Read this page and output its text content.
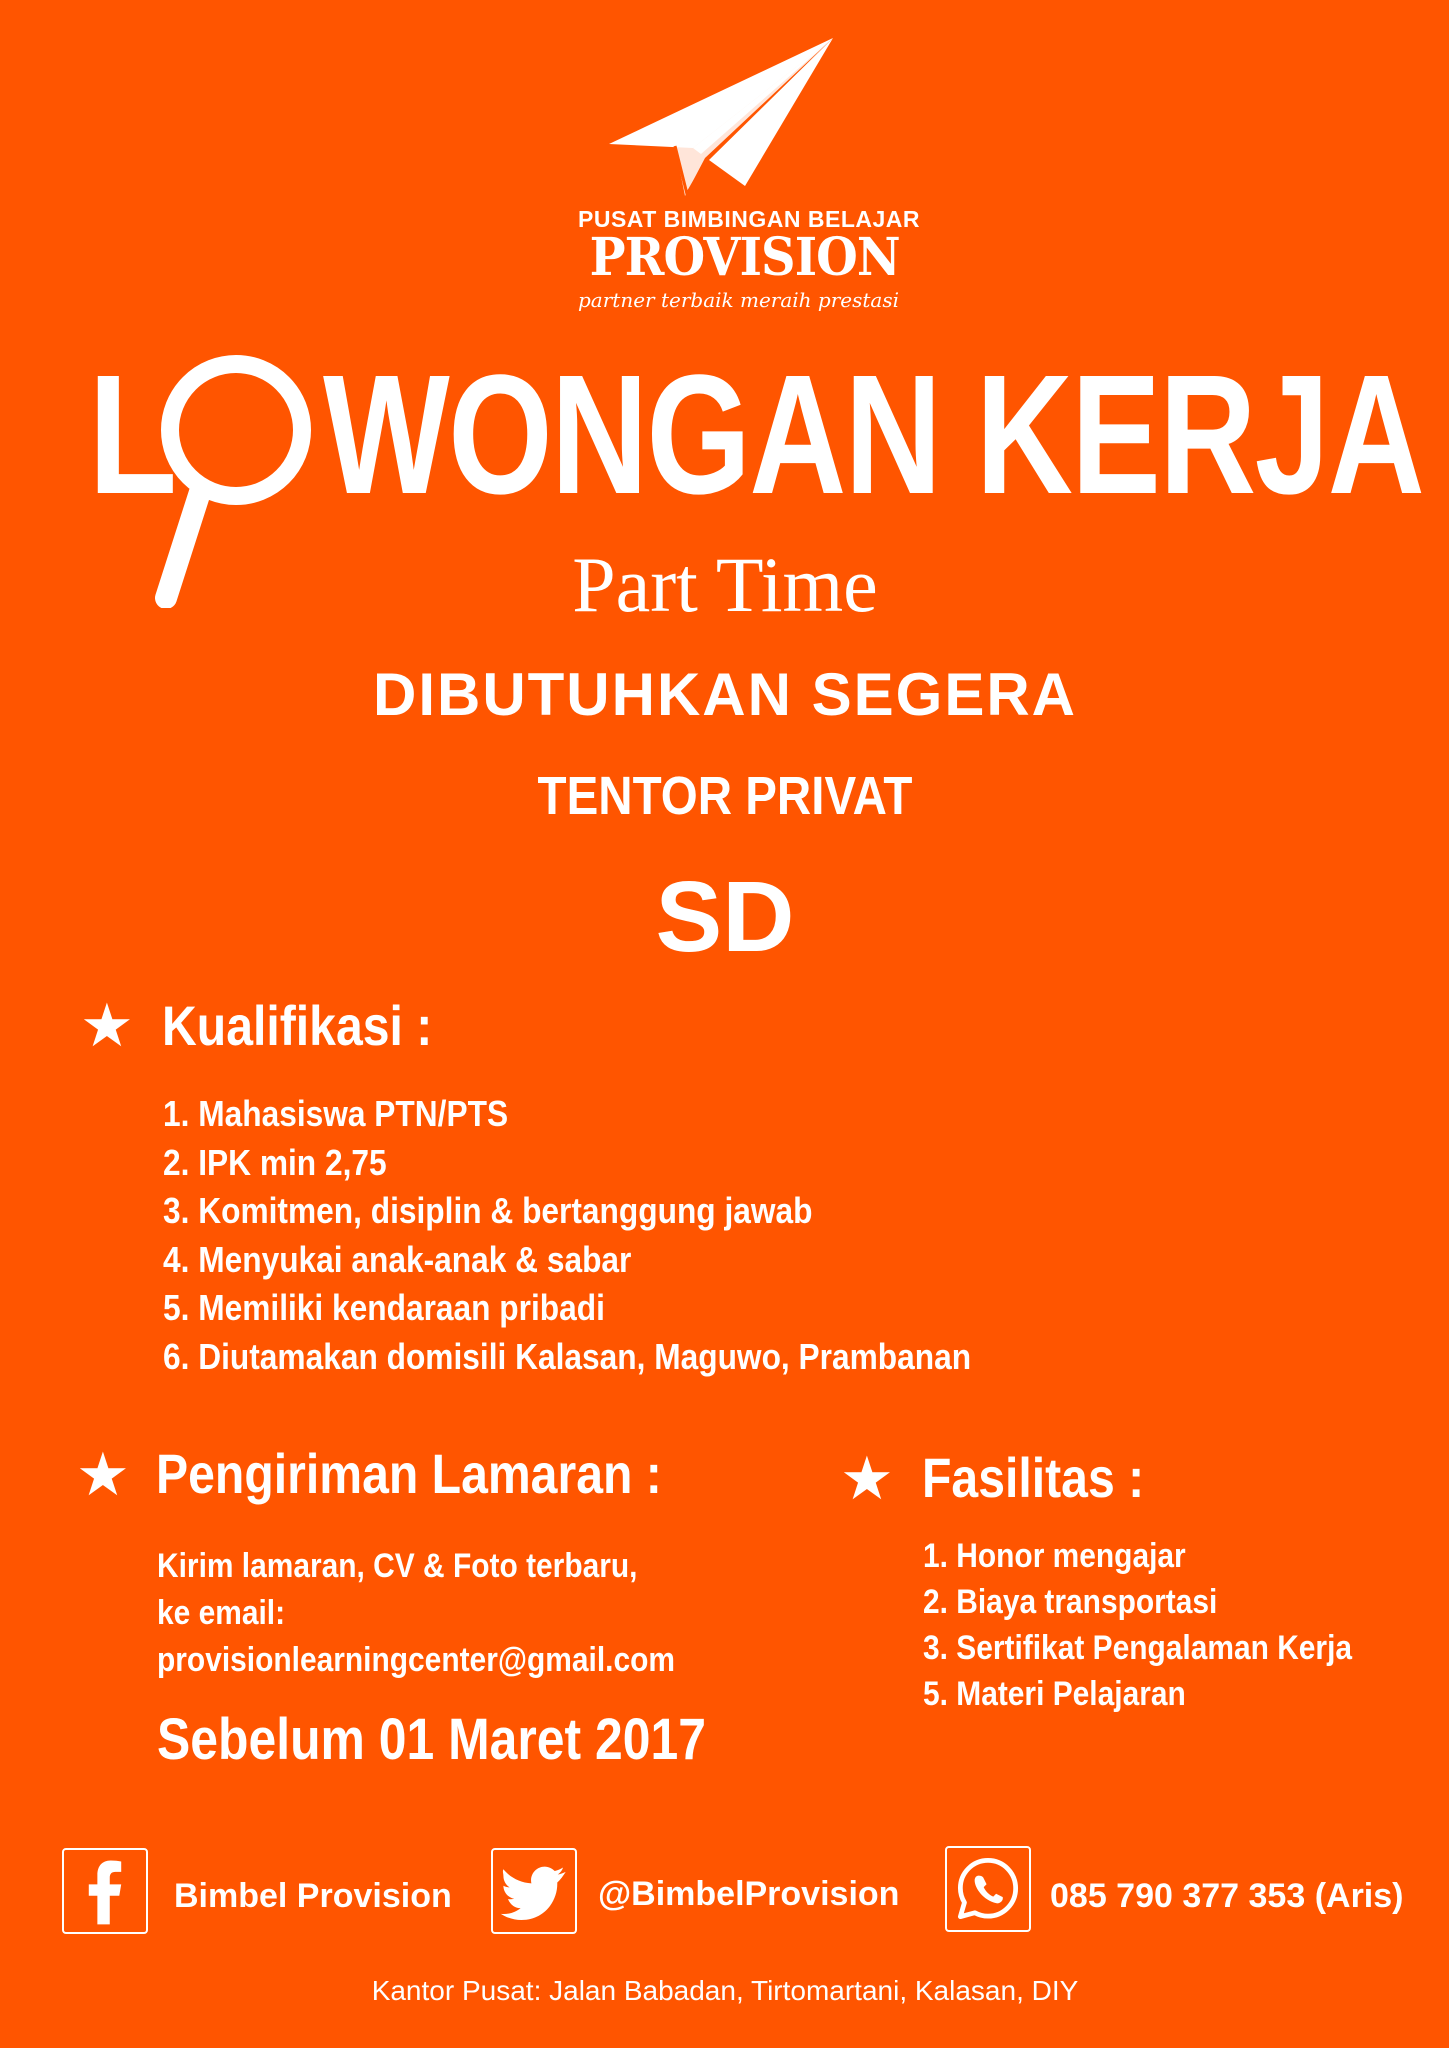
PUSAT BIMBINGAN BELAJAR
PROVISION
partner terbaik meraih prestasi
L WONGAN KERJA
Part Time
DIBUTUHKAN SEGERA
TENTOR PRIVAT
SD
★ Kualifikasi :
1. Mahasiswa PTN/PTS
2. IPK min 2,75
3. Komitmen, disiplin & bertanggung jawab
4. Menyukai anak-anak & sabar
5. Memiliki kendaraan pribadi
6. Diutamakan domisili Kalasan, Maguwo, Prambanan
★ Pengiriman Lamaran :
Kirim lamaran, CV & Foto terbaru,
ke email:
provisionlearningcenter@gmail.com
Sebelum 01 Maret 2017
★ Fasilitas :
1. Honor mengajar
2. Biaya transportasi
3. Sertifikat Pengalaman Kerja
5. Materi Pelajaran
Bimbel Provision	@BimbelProvision	085 790 377 353 (Aris)
Kantor Pusat: Jalan Babadan, Tirtomartani, Kalasan, DIY
